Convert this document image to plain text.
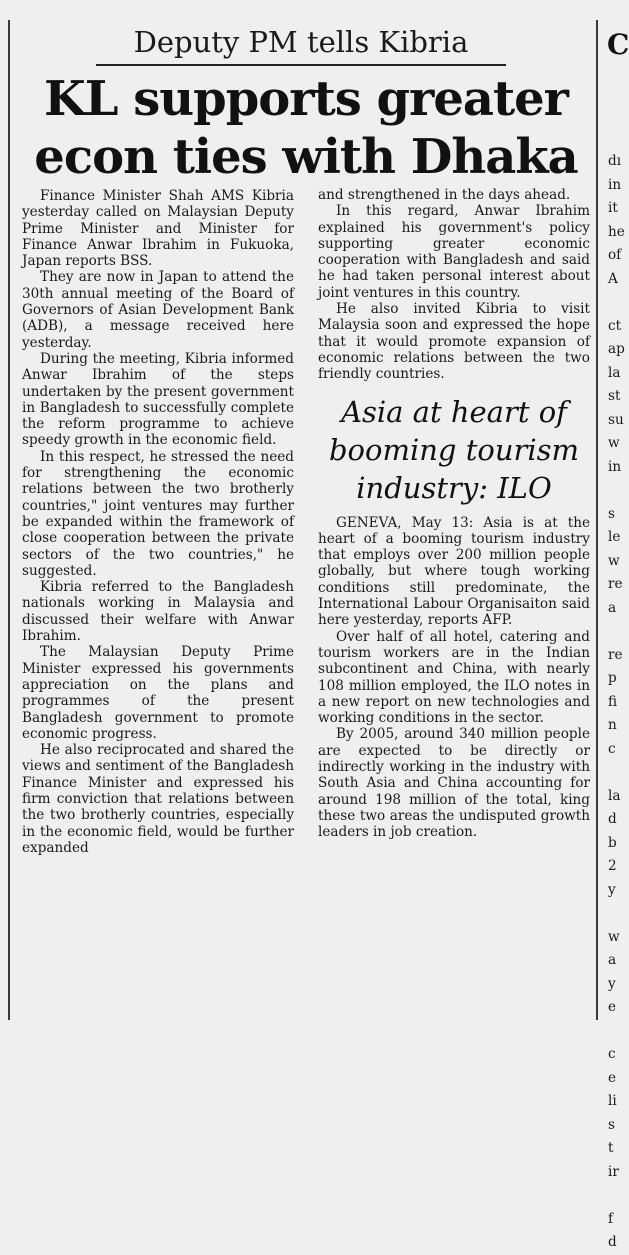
Deputy PM tells Kibria
KL supports greater
econ ties with Dhaka

Finance Minister Shah AMS Kibria yesterday called on Malaysian Deputy Prime Minister and Minister for Finance Anwar Ibrahim in Fukuoka, Japan reports BSS.

They are now in Japan to attend the 30th annual meeting of the Board of Governors of Asian Development Bank (ADB), a message received here yesterday.

During the meeting, Kibria informed Anwar Ibrahim of the steps undertaken by the present government in Bangladesh to successfully complete the reform programme to achieve speedy growth in the economic field.

In this respect, he stressed the need for strengthening the economic relations between the two brotherly countries," joint ventures may further be expanded within the framework of close cooperation between the private sectors of the two countries," he suggested.

Kibria referred to the Bangladesh nationals working in Malaysia and discussed their welfare with Anwar Ibrahim.

The Malaysian Deputy Prime Minister expressed his governments appreciation on the plans and programmes of the present Bangladesh government to promote economic progress.

He also reciprocated and shared the views and sentiment of the Bangladesh Finance Minister and expressed his firm conviction that relations between the two brotherly countries, especially in the economic field, would be further expanded

and strengthened in the days ahead.

In this regard, Anwar Ibrahim explained his government's policy supporting greater economic cooperation with Bangladesh and said he had taken personal interest about joint ventures in this country.

He also invited Kibria to visit Malaysia soon and expressed the hope that it would promote expansion of economic relations between the two friendly countries.

Asia at heart of booming tourism industry: ILO

GENEVA, May 13: Asia is at the heart of a booming tourism industry that employs over 200 million people globally, but where tough working conditions still predominate, the International Labour Organisaiton said here yesterday, reports AFP.

Over half of all hotel, catering and tourism workers are in the Indian subcontinent and China, with nearly 108 million employed, the ILO notes in a new report on new technologies and working conditions in the sector.

By 2005, around 340 million people are expected to be directly or indirectly working in the industry with South Asia and China accounting for around 198 million of the total, king these two areas the undisputed growth leaders in job creation.

C
dı
in
it
he
of
A

ct
ap
la
st
su
w
in

s
le
w
re
a

re
p
fi
n
c

la
d
b
2
y

w
a
y
e

c
e
li
s
t
ir

f
d
